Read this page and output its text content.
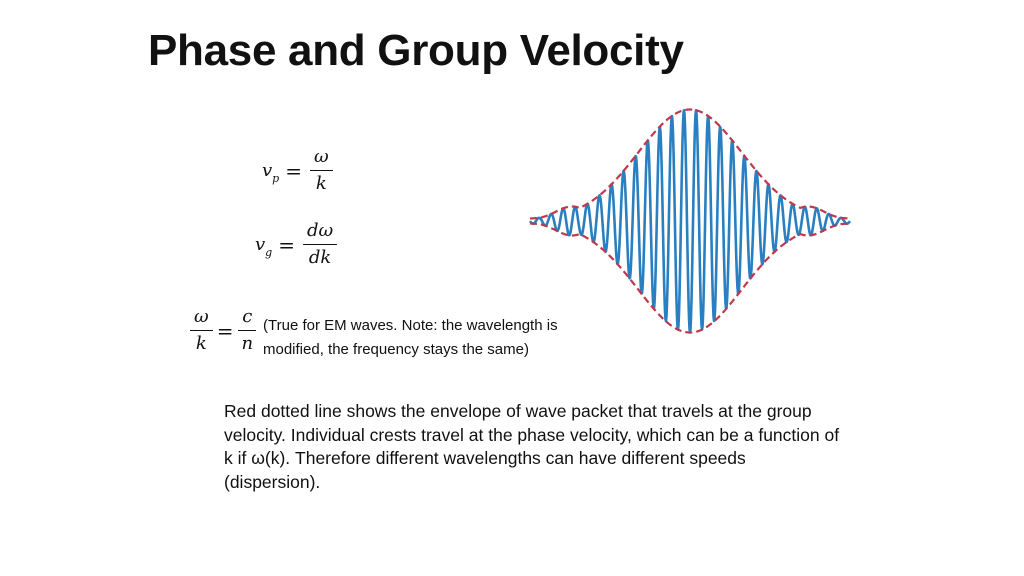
Phase and Group Velocity
$v_p = \frac{\omega}{k}$
$v_g = \frac{d\omega}{dk}$
$\frac{\omega}{k} = \frac{c}{n}$ (True for EM waves. Note: the wavelength is
modified, the frequency stays the same)
Red dotted line shows the envelope of wave packet that travels at the group velocity. Individual crests travel at the phase velocity, which can be a function of k if ω(k). Therefore different wavelengths can have different speeds (dispersion).
